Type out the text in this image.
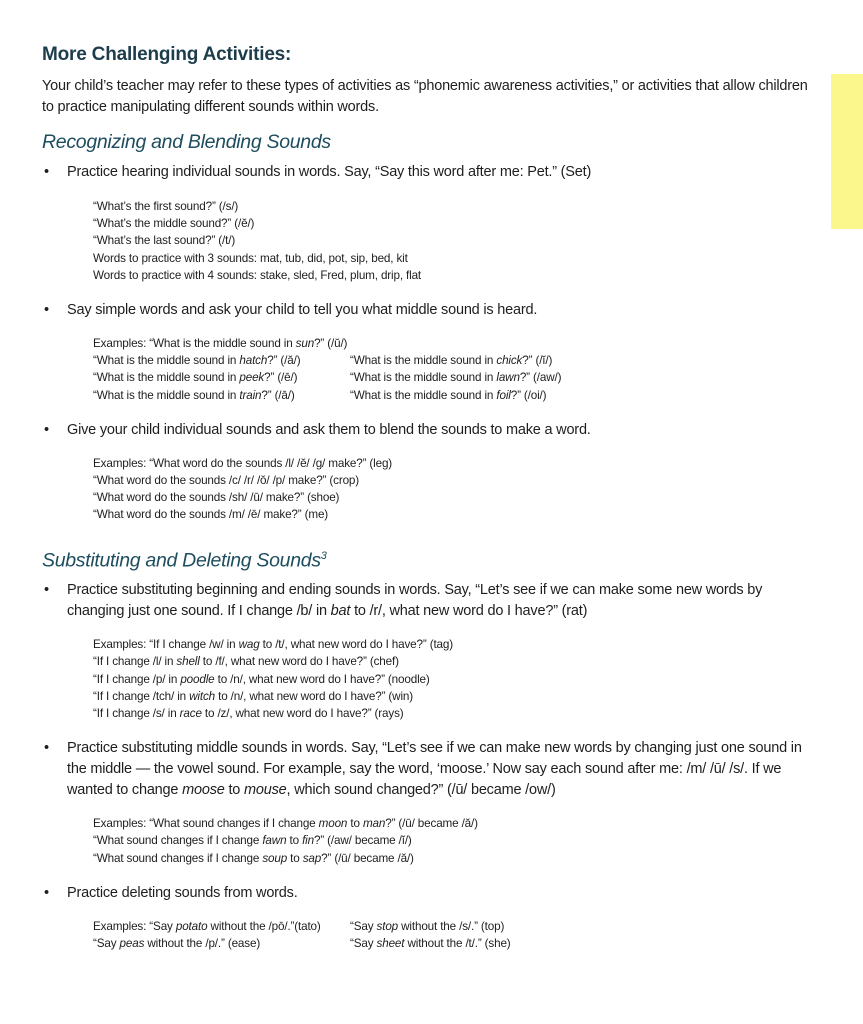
More Challenging Activities:

Your child’s teacher may refer to these types of activities as “phonemic awareness activities,” or activities that allow children to practice manipulating different sounds within words.

Recognizing and Blending Sounds
• Practice hearing individual sounds in words. Say, “Say this word after me: Pet.” (Set)
“What’s the first sound?” (/s/)
“What’s the middle sound?” (/ĕ/)
“What’s the last sound?” (/t/)
Words to practice with 3 sounds: mat, tub, did, pot, sip, bed, kit
Words to practice with 4 sounds: stake, sled, Fred, plum, drip, flat
• Say simple words and ask your child to tell you what middle sound is heard.
Examples: “What is the middle sound in sun?” (/ŭ/)
“What is the middle sound in hatch?” (/ă/)	“What is the middle sound in chick?” (/ĭ/)
“What is the middle sound in peek?” (/ē/)	“What is the middle sound in lawn?” (/aw/)
“What is the middle sound in train?” (/ā/)	“What is the middle sound in foil?” (/oi/)
• Give your child individual sounds and ask them to blend the sounds to make a word.
Examples: “What word do the sounds /l/ /ĕ/ /g/ make?” (leg)
“What word do the sounds /c/ /r/ /ŏ/ /p/ make?” (crop)
“What word do the sounds /sh/ /ū/ make?” (shoe)
“What word do the sounds /m/ /ē/ make?” (me)
Substituting and Deleting Sounds$^3$
• Practice substituting beginning and ending sounds in words. Say, “Let’s see if we can make some new words by changing just one sound. If I change /b/ in bat to /r/, what new word do I have?” (rat)
Examples: “If I change /w/ in wag to /t/, what new word do I have?” (tag)
“If I change /l/ in shell to /f/, what new word do I have?” (chef)
“If I change /p/ in poodle to /n/, what new word do I have?” (noodle)
“If I change /tch/ in witch to /n/, what new word do I have?” (win)
“If I change /s/ in race to /z/, what new word do I have?” (rays)
• Practice substituting middle sounds in words. Say, “Let’s see if we can make new words by changing just one sound in the middle — the vowel sound. For example, say the word, ‘moose.’ Now say each sound after me: /m/ /ū/ /s/. If we wanted to change moose to mouse, which sound changed?” (/ū/ became /ow/)
Examples: “What sound changes if I change moon to man?” (/ū/ became /ă/)
“What sound changes if I change fawn to fin?” (/aw/ became /ĭ/)
“What sound changes if I change soup to sap?” (/ū/ became /ă/)
• Practice deleting sounds from words.
Examples: “Say potato without the /pō/.”(tato)	“Say stop without the /s/.” (top)
“Say peas without the /p/.” (ease)	“Say sheet without the /t/.” (she)
